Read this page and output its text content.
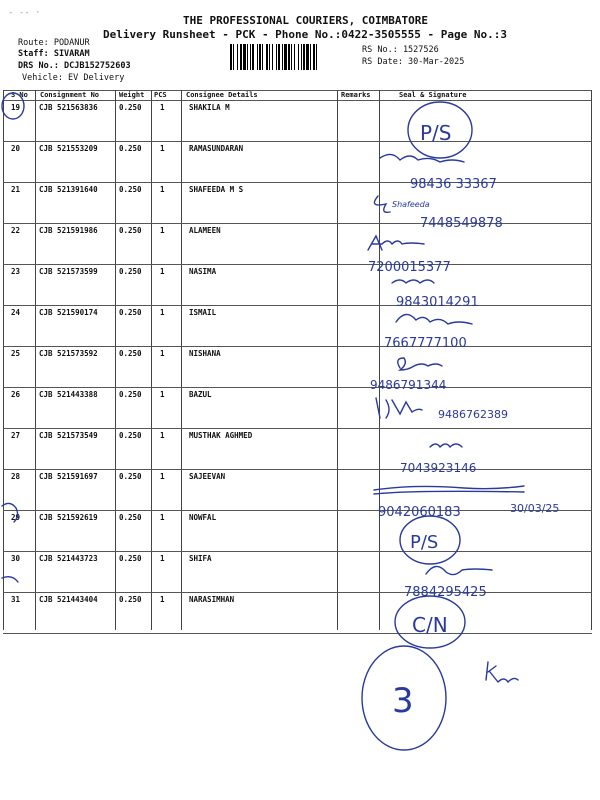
- -- ·
THE PROFESSIONAL COURIERS, COIMBATORE
Delivery Runsheet - PCK - Phone No.:0422-3505555 - Page No.:3
Route: PODANUR
Staff: SIVARAM
DRS No.: DCJB152752603
Vehicle: EV Delivery
RS No.: 1527526
RS Date: 30-Mar-2025
S No Consignment No	Weight PCS	Consignee Details	Remarks	Seal & Signature
19	CJB 521563836	0.250 1	SHAKILA M
20	CJB 521553209	0.250 1	RAMASUNDARAN
21	CJB 521391640	0.250 1	SHAFEEDA M S
22	CJB 521591986	0.250 1	ALAMEEN
23	CJB 521573599	0.250 1	NASIMA
24	CJB 521590174	0.250 1	ISMAIL
25	CJB 521573592	0.250 1	NISHANA
26	CJB 521443388	0.250 1	BAZUL
27	CJB 521573549	0.250 1	MUSTHAK AGHMED
28	CJB 521591697	0.250 1	SAJEEVAN
29	CJB 521592619	0.250 1	NOWFAL
30	CJB 521443723	0.250 1	SHIFA
31	CJB 521443404	0.250 1	NARASIMHAN
P/S
98436 33367
Shafeeda
7448549878
7200015377
9843014291
7667777100
9486791344
9486762389
7043923146
9042060183	30/03/25
P/S
7884295425
C/N
3
